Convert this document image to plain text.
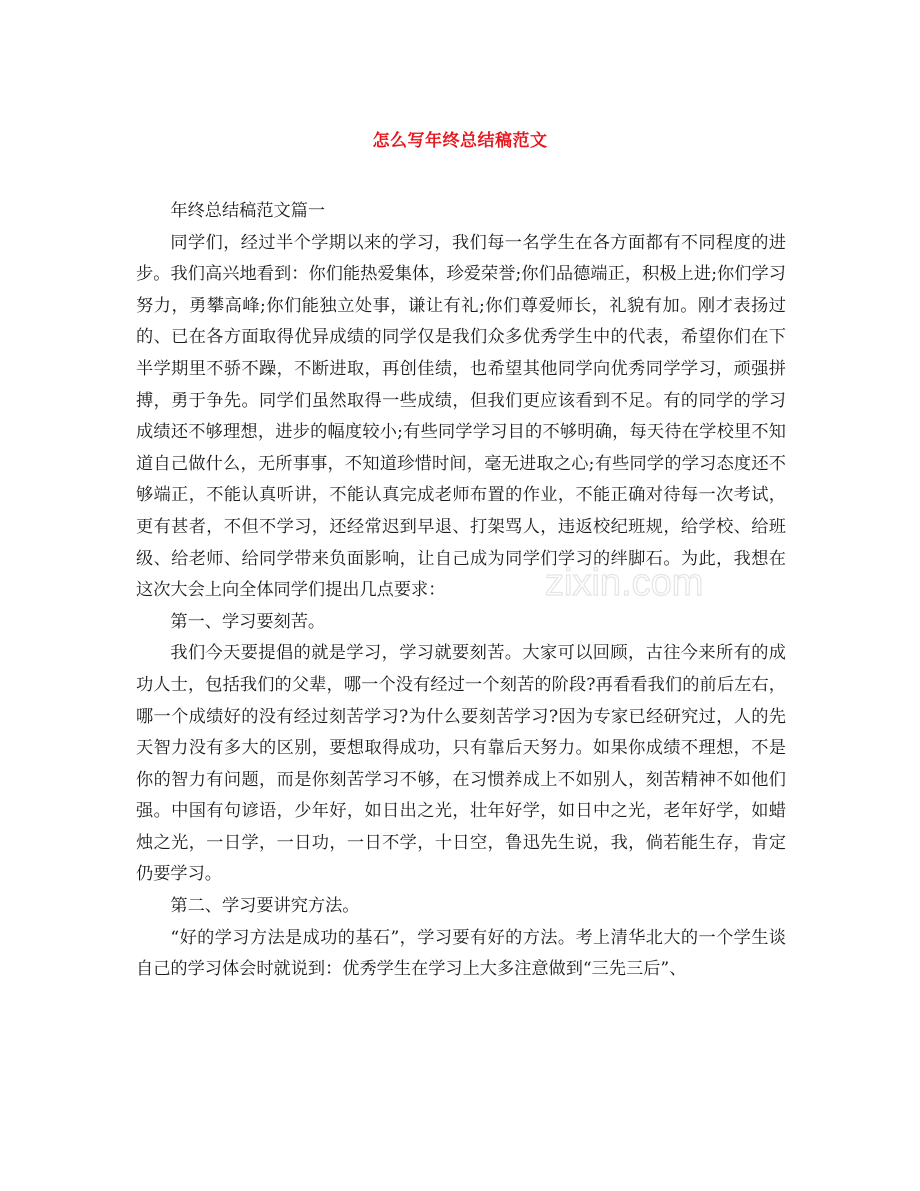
怎么写年终总结稿范文

年终总结稿范文篇一

同学们，经过半个学期以来的学习，我们每一名学生在各方面都有不同程度的进步。我们高兴地看到：你们能热爱集体，珍爱荣誉;你们品德端正，积极上进;你们学习努力，勇攀高峰;你们能独立处事，谦让有礼;你们尊爱师长，礼貌有加。刚才表扬过的、已在各方面取得优异成绩的同学仅是我们众多优秀学生中的代表，希望你们在下半学期里不骄不躁，不断进取，再创佳绩，也希望其他同学向优秀同学学习，顽强拼搏，勇于争先。同学们虽然取得一些成绩，但我们更应该看到不足。有的同学的学习成绩还不够理想，进步的幅度较小;有些同学学习目的不够明确，每天待在学校里不知道自己做什么，无所事事，不知道珍惜时间，毫无进取之心;有些同学的学习态度还不够端正，不能认真听讲，不能认真完成老师布置的作业，不能正确对待每一次考试，更有甚者，不但不学习，还经常迟到早退、打架骂人，违返校纪班规，给学校、给班级、给老师、给同学带来负面影响，让自己成为同学们学习的绊脚石。为此，我想在这次大会上向全体同学们提出几点要求：

第一、学习要刻苦。

我们今天要提倡的就是学习，学习就要刻苦。大家可以回顾，古往今来所有的成功人士，包括我们的父辈，哪一个没有经过一个刻苦的阶段?再看看我们的前后左右，哪一个成绩好的没有经过刻苦学习?为什么要刻苦学习?因为专家已经研究过，人的先天智力没有多大的区别，要想取得成功，只有靠后天努力。如果你成绩不理想，不是你的智力有问题，而是你刻苦学习不够，在习惯养成上不如别人，刻苦精神不如他们强。中国有句谚语，少年好，如日出之光，壮年好学，如日中之光，老年好学，如蜡烛之光，一日学，一日功，一日不学，十日空，鲁迅先生说，我，倘若能生存，肯定仍要学习。

第二、学习要讲究方法。

“好的学习方法是成功的基石”，学习要有好的方法。考上清华北大的一个学生谈自己的学习体会时就说到：优秀学生在学习上大多注意做到“三先三后”、

zixin.com
